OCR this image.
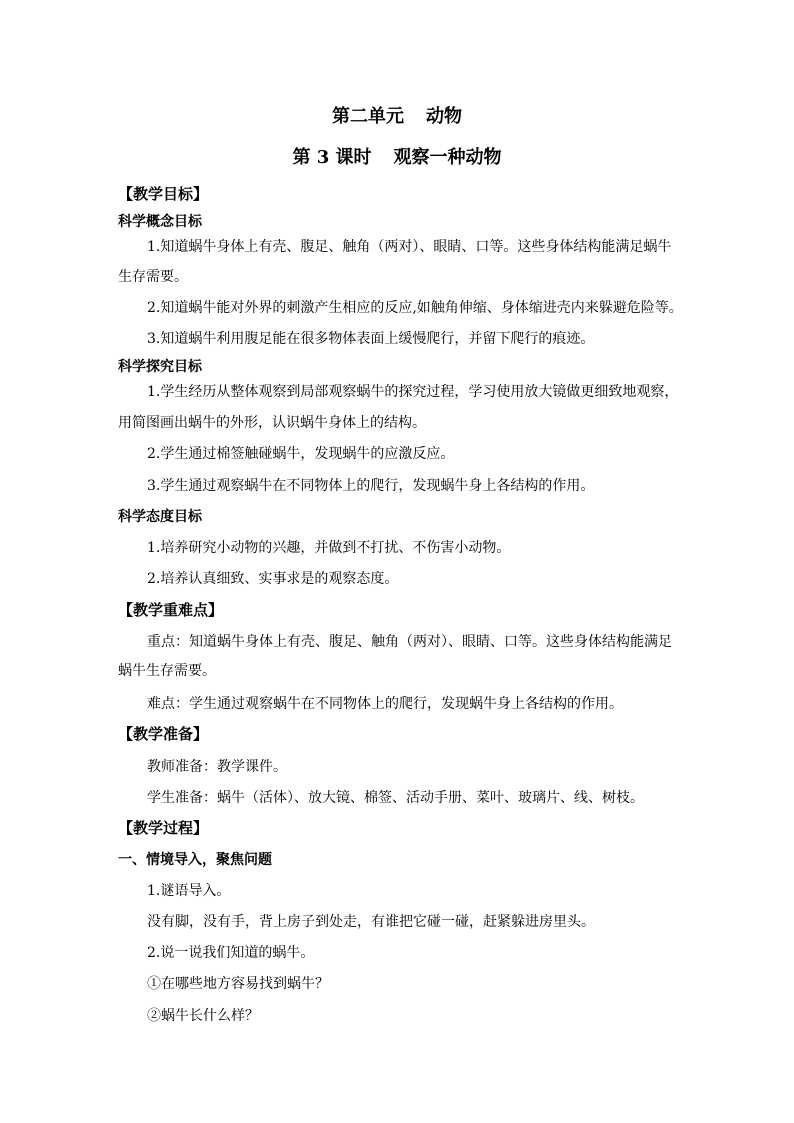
第二单元 动物
第 3 课时 观察一种动物
【教学目标】
科学概念目标
1.知道蜗牛身体上有壳、腹足、触角（两对）、眼睛、口等。这些身体结构能满足蜗牛
生存需要。
2.知道蜗牛能对外界的刺激产生相应的反应,如触角伸缩、身体缩进壳内来躲避危险等。
3.知道蜗牛利用腹足能在很多物体表面上缓慢爬行，并留下爬行的痕迹。
科学探究目标
1.学生经历从整体观察到局部观察蜗牛的探究过程，学习使用放大镜做更细致地观察，
用简图画出蜗牛的外形，认识蜗牛身体上的结构。
2.学生通过棉签触碰蜗牛，发现蜗牛的应激反应。
3.学生通过观察蜗牛在不同物体上的爬行，发现蜗牛身上各结构的作用。
科学态度目标
1.培养研究小动物的兴趣，并做到不打扰、不伤害小动物。
2.培养认真细致、实事求是的观察态度。
【教学重难点】
重点：知道蜗牛身体上有壳、腹足、触角（两对）、眼睛、口等。这些身体结构能满足
蜗牛生存需要。
难点：学生通过观察蜗牛在不同物体上的爬行，发现蜗牛身上各结构的作用。
【教学准备】
教师准备：教学课件。
学生准备：蜗牛（活体）、放大镜、棉签、活动手册、菜叶、玻璃片、线、树枝。
【教学过程】
一、情境导入，聚焦问题
1.谜语导入。
没有脚，没有手，背上房子到处走，有谁把它碰一碰，赶紧躲进房里头。
2.说一说我们知道的蜗牛。
①在哪些地方容易找到蜗牛？
②蜗牛长什么样？
